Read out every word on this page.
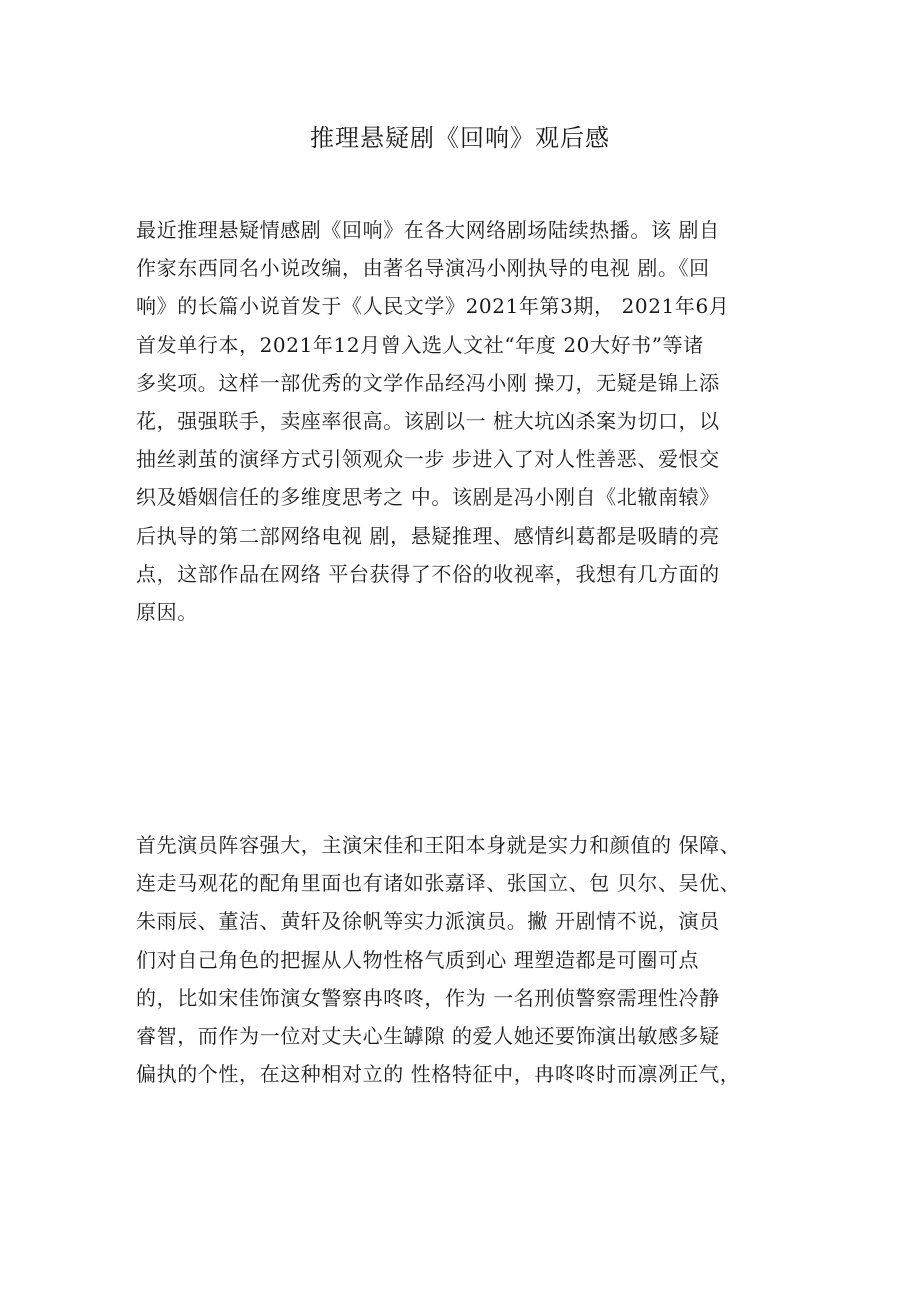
推理悬疑剧《回响》观后感
最近推理悬疑情感剧《回响》在各大网络剧场陆续热播。该 剧自
作家东西同名小说改编，由著名导演冯小刚执导的电视 剧。《回
响》的长篇小说首发于《人民文学》2021年第3期， 2021年6月
首发单行本，2021年12月曾入选人文社“年度 20大好书”等诸
多奖项。这样一部优秀的文学作品经冯小刚 操刀，无疑是锦上添
花，强强联手，卖座率很高。该剧以一 桩大坑凶杀案为切口，以
抽丝剥茧的演绎方式引领观众一步 步进入了对人性善恶、爱恨交
织及婚姻信任的多维度思考之 中。该剧是冯小刚自《北辙南辕》
后执导的第二部网络电视 剧，悬疑推理、感情纠葛都是吸睛的亮
点，这部作品在网络 平台获得了不俗的收视率，我想有几方面的
原因。
首先演员阵容强大，主演宋佳和王阳本身就是实力和颜值的 保障、
连走马观花的配角里面也有诸如张嘉译、张国立、包 贝尔、吴优、
朱雨辰、董洁、黄轩及徐帆等实力派演员。撇 开剧情不说，演员
们对自己角色的把握从人物性格气质到心 理塑造都是可圈可点
的，比如宋佳饰演女警察冉咚咚，作为 一名刑侦警察需理性冷静
睿智，而作为一位对丈夫心生罅隙 的爱人她还要饰演出敏感多疑
偏执的个性，在这种相对立的 性格特征中，冉咚咚时而凛冽正气，
